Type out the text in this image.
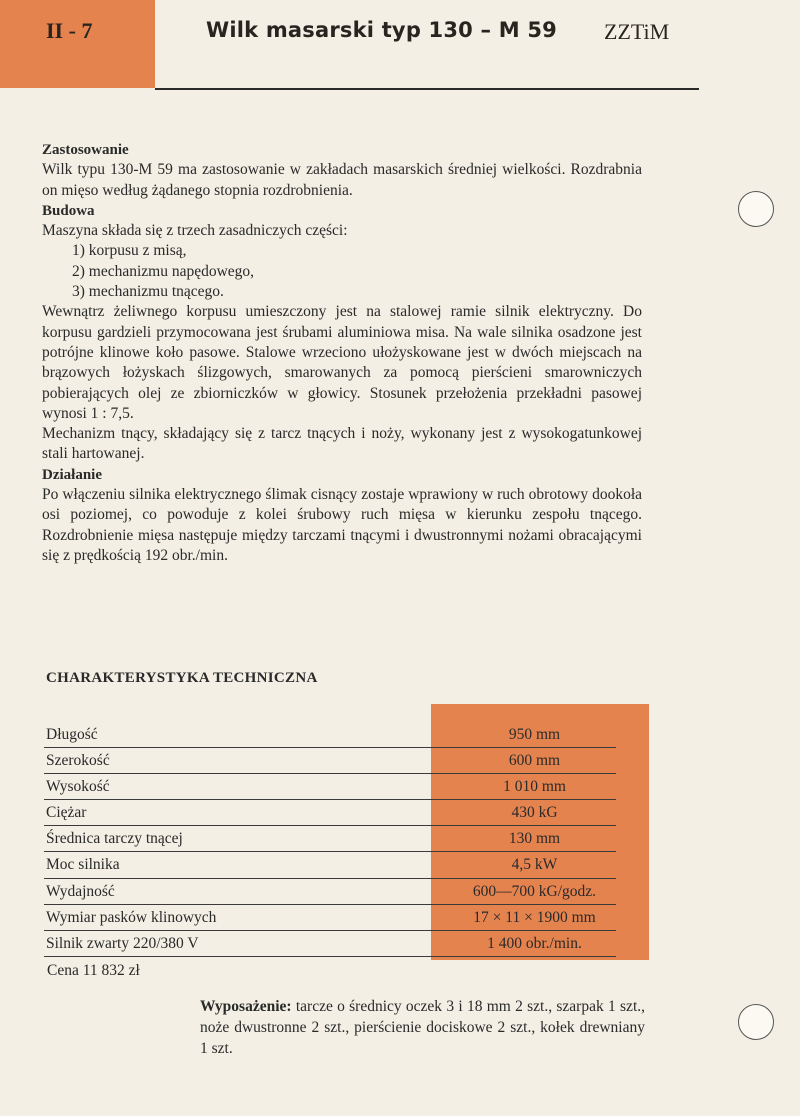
II - 7	Wilk masarski typ 130 – M 59 ZZTiM
Zastosowanie

Wilk typu 130-M 59 ma zastosowanie w zakładach masarskich średniej wielkości. Rozdrabnia on mięso według żądanego stopnia rozdrobnienia.

Budowa

Maszyna składa się z trzech zasadniczych części:

1) korpusu z misą,
2) mechanizmu napędowego,
3) mechanizmu tnącego.

Wewnątrz żeliwnego korpusu umieszczony jest na stalowej ramie silnik elektryczny. Do korpusu gardzieli przymocowana jest śrubami aluminiowa misa. Na wale silnika osadzone jest potrójne klinowe koło pasowe. Stalowe wrzeciono ułożyskowane jest w dwóch miejscach na brązowych łożyskach ślizgowych, smarowanych za pomocą pierścieni smarowniczych pobierających olej ze zbiorniczków w głowicy. Stosunek przełożenia przekładni pasowej wynosi 1 : 7,5.

Mechanizm tnący, składający się z tarcz tnących i noży, wykonany jest z wysokogatunkowej stali hartowanej.

Działanie

Po włączeniu silnika elektrycznego ślimak cisnący zostaje wprawiony w ruch obrotowy dookoła osi poziomej, co powoduje z kolei śrubowy ruch mięsa w kierunku zespołu tnącego. Rozdrobnienie mięsa następuje między tarczami tnącymi i dwustronnymi nożami obracającymi się z prędkością 192 obr./min.

CHARAKTERYSTYKA TECHNICZNA
Długość	950 mm
Szerokość	600 mm
Wysokość	1 010 mm
Ciężar	430 kG
Średnica tarczy tnącej	130 mm
Moc silnika	4,5 kW
Wydajność	600—700 kG/godz.
Wymiar pasków klinowych	17 × 11 × 1900 mm
Silnik zwarty 220/380 V	1 400 obr./min.
Cena 11 832 zł
Wyposażenie: tarcze o średnicy oczek 3 i 18 mm 2 szt., szarpak 1 szt., noże dwustronne 2 szt., pierścienie dociskowe 2 szt., kołek drewniany 1 szt.
